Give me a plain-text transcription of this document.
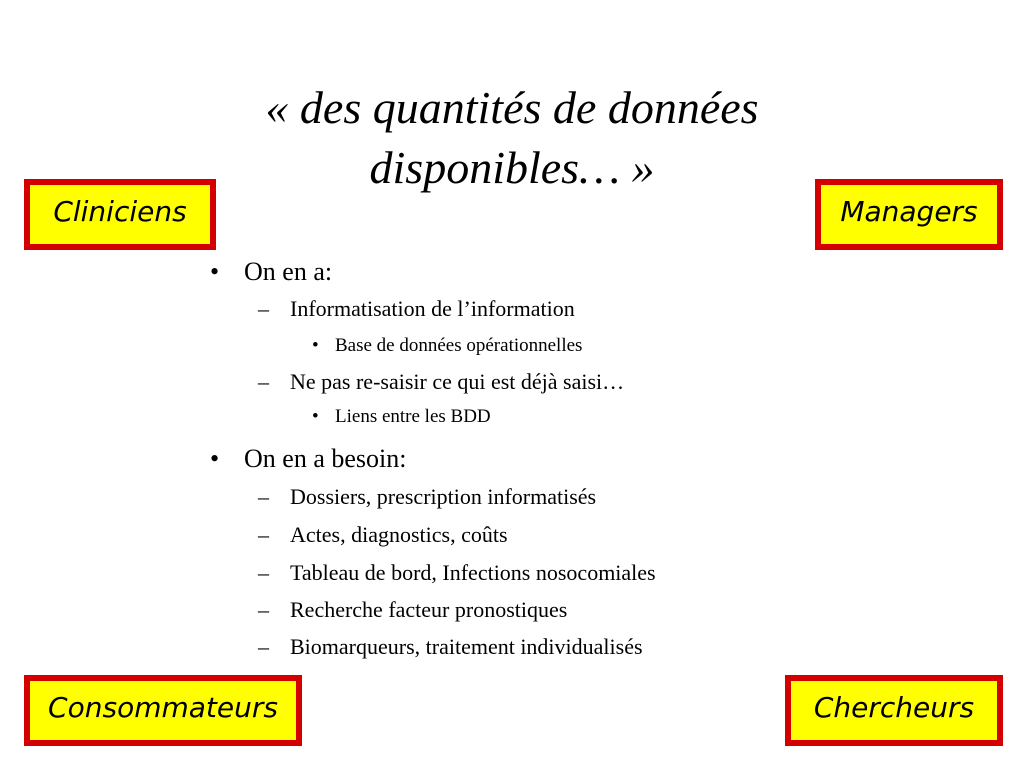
« des quantités de données
disponibles… »
Cliniciens	Managers
Consommateurs	Chercheurs
• On en a:
– Informatisation de l’information
• Base de données opérationnelles
– Ne pas re-saisir ce qui est déjà saisi…
• Liens entre les BDD
• On en a besoin:
– Dossiers, prescription informatisés
– Actes, diagnostics, coûts
– Tableau de bord, Infections nosocomiales
– Recherche facteur pronostiques
– Biomarqueurs, traitement individualisés
